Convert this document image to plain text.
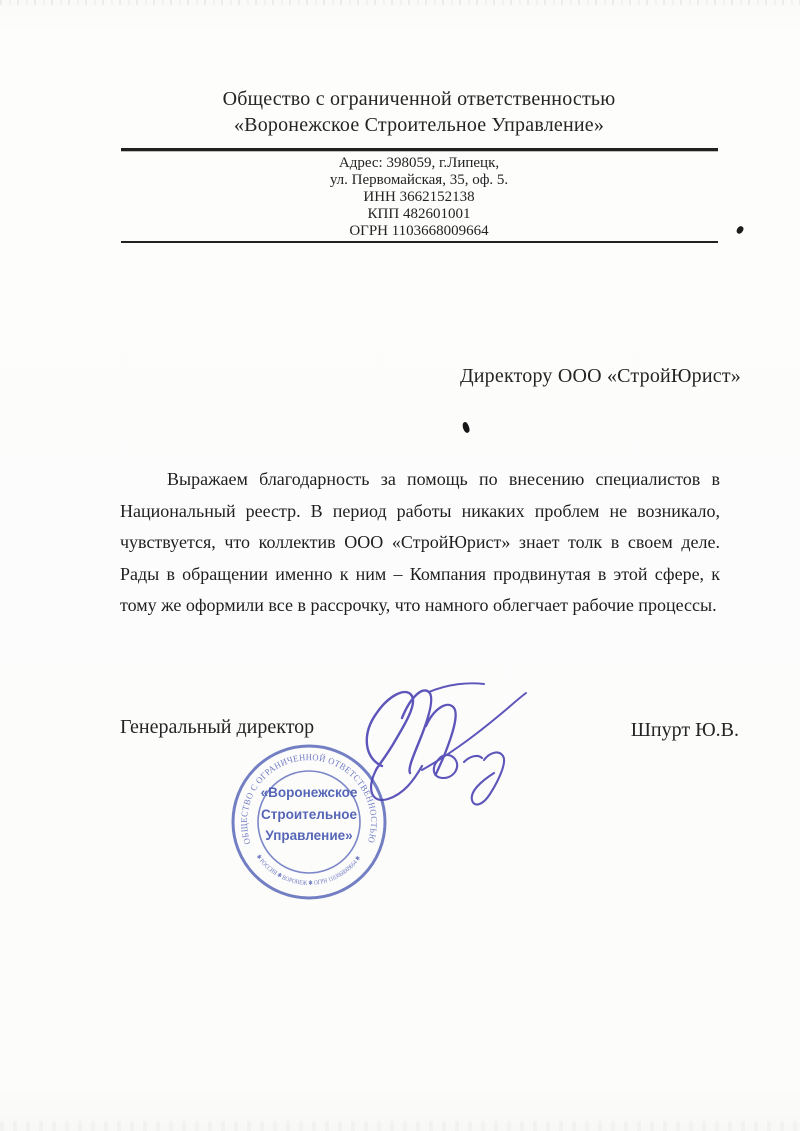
Общество с ограниченной ответственностью
«Воронежское Строительное Управление»
Адрес: 398059, г.Липецк,
ул. Первомайская, 35, оф. 5.
ИНН 3662152138
КПП 482601001
ОГРН 1103668009664
Директору ООО «СтройЮрист»
Выражаем благодарность за помощь по внесению специалистов в
Национальный реестр. В период работы никаких проблем не возникало,
чувствуется, что коллектив ООО «СтройЮрист» знает толк в своем деле.
Рады в обращении именно к ним – Компания продвинутая в этой сфере, к
тому же оформили все в рассрочку, что намного облегчает рабочие процессы.
Генеральный директор	Шпурт Ю.В.
ОБЩЕСТВО С ОГРАНИЧЕННОЙ ОТВЕТСТВЕННОСТЬЮ
✱ РОССИЯ ✱ ВОРОНЕЖ ✱ ОГРН 1103668009664 ✱
«Воронежское
Строительное
Управление»
